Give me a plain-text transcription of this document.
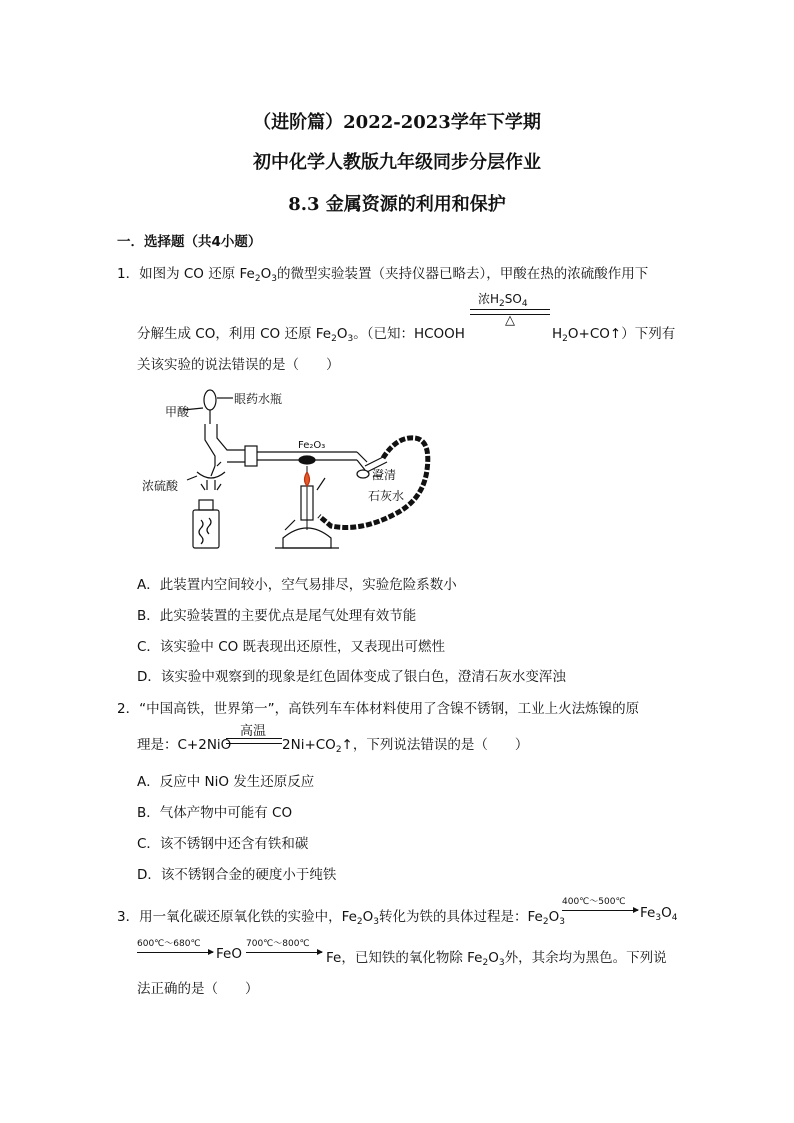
（进阶篇）2022-2023学年下学期
初中化学人教版九年级同步分层作业
8.3 金属资源的利用和保护
一．选择题（共4小题）
1．如图为 CO 还原 $Fe_2O_3$的微型实验装置（夹持仪器已略去），甲酸在热的浓硫酸作用下
浓$H_2SO_4$
△
分解生成 CO，利用 CO 还原 $Fe_2O_3$。（已知：HCOOH	$H_2O+CO↑$）下列有
关该实验的说法错误的是（　　）
甲酸
眼药水瓶
浓硫酸
Fe₂O₃
澄清
石灰水
A．此装置内空间较小，空气易排尽，实验危险系数小
B．此实验装置的主要优点是尾气处理有效节能
C．该实验中 CO 既表现出还原性，又表现出可燃性
D．该实验中观察到的现象是红色固体变成了银白色，澄清石灰水变浑浊
2．“中国高铁，世界第一”，高铁列车车体材料使用了含镍不锈钢，工业上火法炼镍的原
高温
理是：C+2NiO	$2Ni+CO_2↑$，下列说法错误的是（　　）
A．反应中 NiO 发生还原反应
B．气体产物中可能有 CO
C．该不锈钢中还含有铁和碳
D．该不锈钢合金的硬度小于纯铁
3．用一氧化碳还原氧化铁的实验中，$Fe_2O_3$转化为铁的具体过程是：$Fe_2O_3$
400℃～500℃
$Fe_3O_4$
600℃～680℃
FeO
700℃～800℃
Fe，已知铁的氧化物除 $Fe_2O_3$外，其余均为黑色。下列说
法正确的是（　　）
